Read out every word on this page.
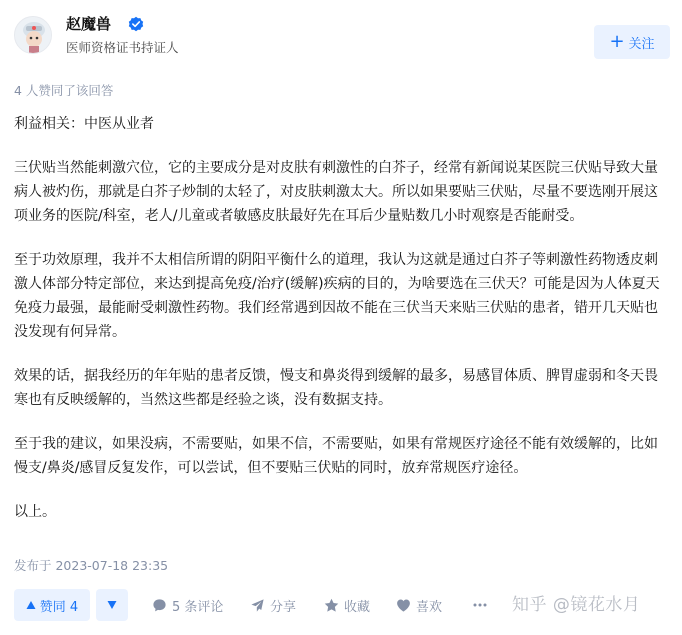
赵魔兽
医师资格证书持证人	+ 关注
4 人赞同了该回答

利益相关：中医从业者

三伏贴当然能刺激穴位，它的主要成分是对皮肤有刺激性的白芥子，经常有新闻说某医院三伏贴导致大量病人被灼伤，那就是白芥子炒制的太轻了，对皮肤刺激太大。所以如果要贴三伏贴，尽量不要选刚开展这项业务的医院/科室，老人/儿童或者敏感皮肤最好先在耳后少量贴数几小时观察是否能耐受。

至于功效原理，我并不太相信所谓的阴阳平衡什么的道理，我认为这就是通过白芥子等刺激性药物透皮刺激人体部分特定部位，来达到提高免疫/治疗(缓解)疾病的目的，为啥要选在三伏天？可能是因为人体夏天免疫力最强，最能耐受刺激性药物。我们经常遇到因故不能在三伏当天来贴三伏贴的患者，错开几天贴也没发现有何异常。

效果的话，据我经历的年年贴的患者反馈，慢支和鼻炎得到缓解的最多，易感冒体质、脾胃虚弱和冬天畏寒也有反映缓解的，当然这些都是经验之谈，没有数据支持。

至于我的建议，如果没病，不需要贴，如果不信，不需要贴，如果有常规医疗途径不能有效缓解的，比如慢支/鼻炎/感冒反复发作，可以尝试，但不要贴三伏贴的同时，放弃常规医疗途径。

以上。

发布于 2023-07-18 23:35
赞同 4	5 条评论	分享	收藏	喜欢	知乎 @镜花水月
